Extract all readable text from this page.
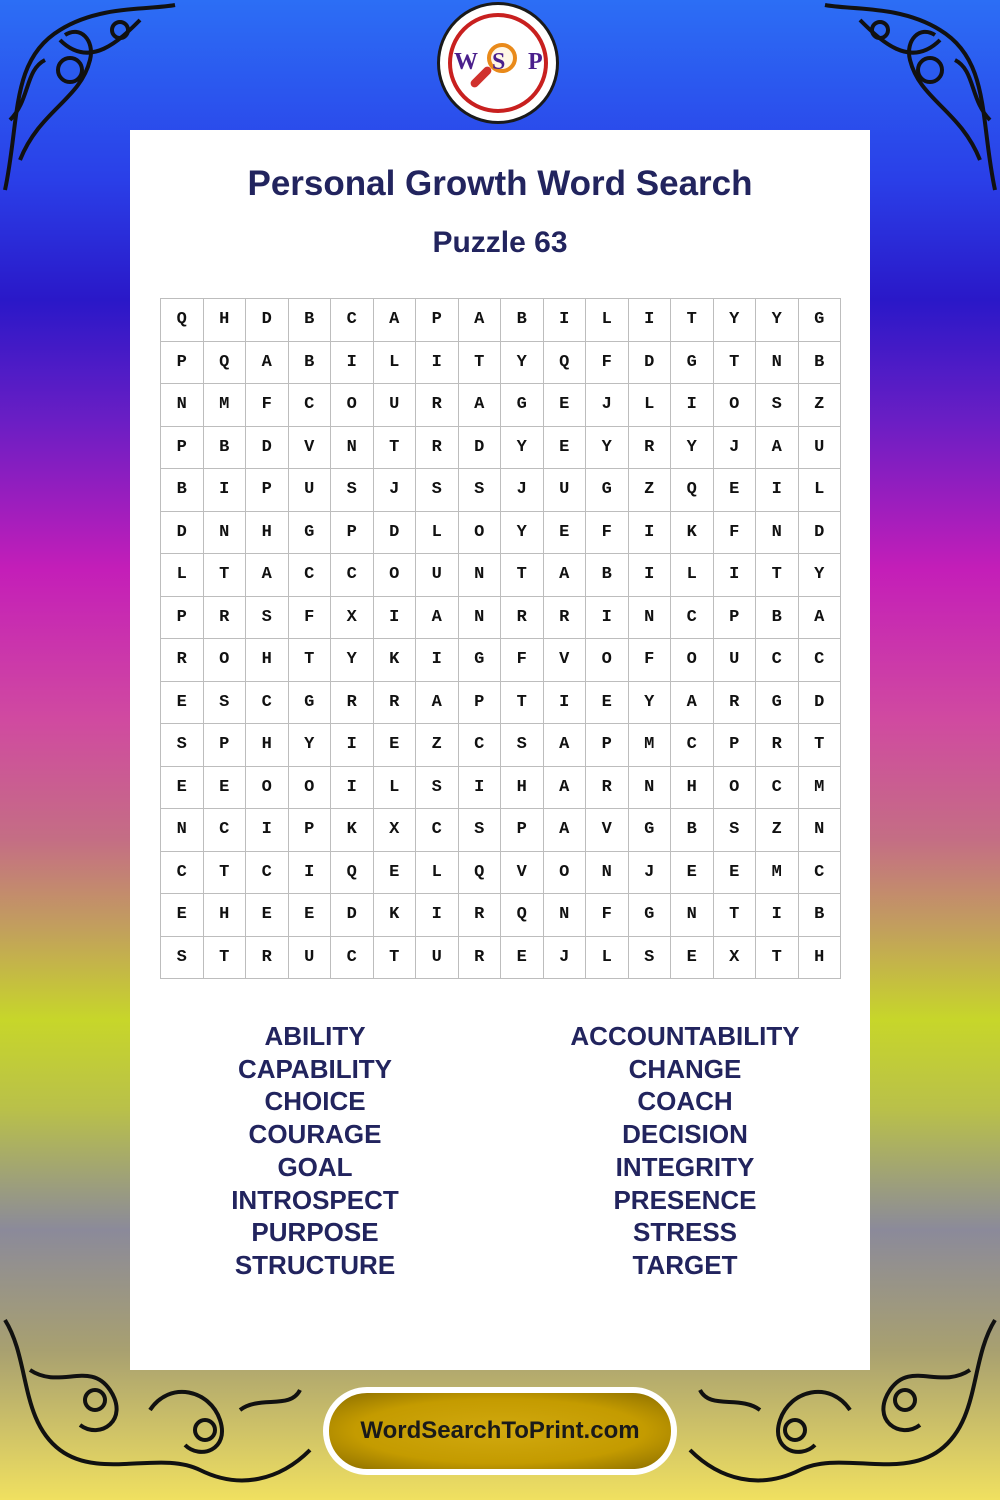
Personal Growth Word Search
Puzzle 63
Q	H	D	B	C	A	P	A	B	I	L	I	T	Y	Y	G
P	Q	A	B	I	L	I	T	Y	Q	F	D	G	T	N	B
N	M	F	C	O	U	R	A	G	E	J	L	I	O	S	Z
P	B	D	V	N	T	R	D	Y	E	Y	R	Y	J	A	U
B	I	P	U	S	J	S	S	J	U	G	Z	Q	E	I	L
D	N	H	G	P	D	L	O	Y	E	F	I	K	F	N	D
L	T	A	C	C	O	U	N	T	A	B	I	L	I	T	Y
P	R	S	F	X	I	A	N	R	R	I	N	C	P	B	A
R	O	H	T	Y	K	I	G	F	V	O	F	O	U	C	C
E	S	C	G	R	R	A	P	T	I	E	Y	A	R	G	D
S	P	H	Y	I	E	Z	C	S	A	P	M	C	P	R	T
E	E	O	O	I	L	S	I	H	A	R	N	H	O	C	M
N	C	I	P	K	X	C	S	P	A	V	G	B	S	Z	N
C	T	C	I	Q	E	L	Q	V	O	N	J	E	E	M	C
E	H	E	E	D	K	I	R	Q	N	F	G	N	T	I	B
S	T	R	U	C	T	U	R	E	J	L	S	E	X	T	H
ABILITY
CAPABILITY
CHOICE
COURAGE
GOAL
INTROSPECT
PURPOSE
STRUCTURE
ACCOUNTABILITY
CHANGE
COACH
DECISION
INTEGRITY
PRESENCE
STRESS
TARGET
W S P
WordSearchToPrint.com
